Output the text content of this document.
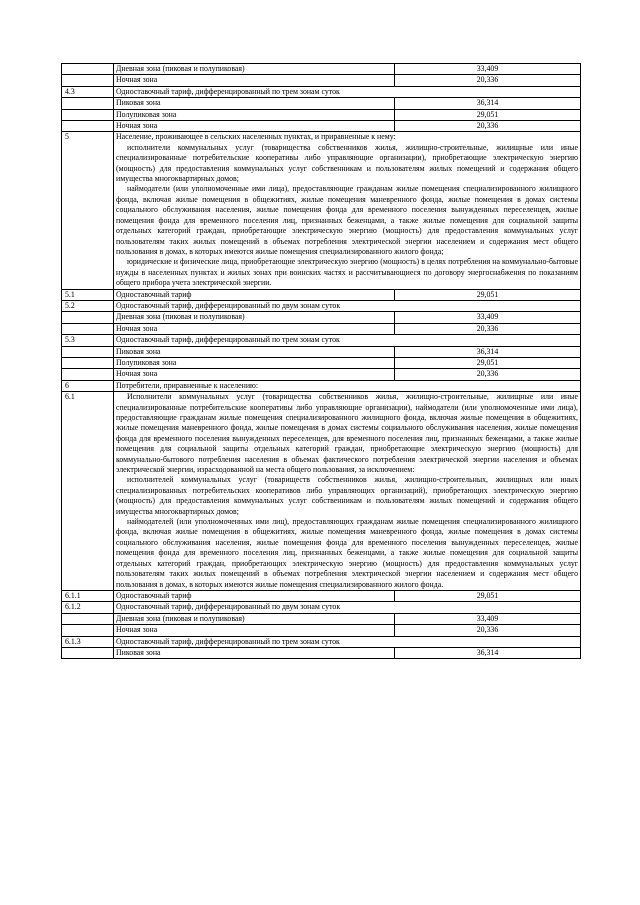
	Дневная зона (пиковая и полупиковая)	33,409
	Ночная зона	20,336
4.3	Одноставочный тариф, дифференцированный по трем зонам суток	
	Пиковая зона	36,314
	Полупиковая зона	29,051
	Ночная зона	20,336
5	Население, проживающее в сельских населенных пунктах, и приравненные к нему:
исполнители коммунальных услуг (товарищества собственников жилья, жилищно-строительные, жилищные или иные специализированные потребительские кооперативы либо управляющие организации), приобретающие электрическую энергию (мощность) для предоставления коммунальных услуг собственникам и пользователям жилых помещений и содержания общего имущества многоквартирных домов;
наймодатели (или уполномоченные ими лица), предоставляющие гражданам жилые помещения специализированного жилищного фонда, включая жилые помещения в общежитиях, жилые помещения маневренного фонда, жилые помещения в домах системы социального обслуживания населения, жилые помещения фонда для временного поселения вынужденных переселенцев, жилые помещения фонда для временного поселения лиц, признанных беженцами, а также жилые помещения для социальной защиты отдельных категорий граждан, приобретающие электрическую энергию (мощность) для предоставления коммунальных услуг пользователям таких жилых помещений в объемах потребления электрической энергии населением и содержания мест общего пользования в домах, в которых имеются жилые помещения специализированного жилого фонда;
юридические и физические лица, приобретающие электрическую энергию (мощность) в целях потребления на коммунально-бытовые нужды в населенных пунктах и жилых зонах при воинских частях и рассчитывающиеся по договору энергоснабжения по показаниям общего прибора учета электрической энергии.	

5.1	Одноставочный тариф	29,051
5.2	Одноставочный тариф, дифференцированный по двум зонам суток	
	Дневная зона (пиковая и полупиковая)	33,409
	Ночная зона	20,336
5.3	Одноставочный тариф, дифференцированный по трем зонам суток	
	Пиковая зона	36,314
	Полупиковая зона	29,051
	Ночная зона	20,336
6	Потребители, приравненные к населению:	
6.1	Исполнители коммунальных услуг (товарищества собственников жилья, жилищно-строительные, жилищные или иные специализированные потребительские кооперативы либо управляющие организации), наймодатели (или уполномоченные ими лица), предоставляющие гражданам жилые помещения специализированного жилищного фонда, включая жилые помещения в общежитиях, жилые помещения маневренного фонда, жилые помещения в домах системы социального обслуживания населения, жилые помещения фонда для временного поселения вынужденных переселенцев, для временного поселения лиц, признанных беженцами, а также жилые помещения для социальной защиты отдельных категорий граждан, приобретающие электрическую энергию (мощность) для коммунально-бытового потребления населения в объемах фактического потребления электрической энергии населения и объемах электрической энергии, израсходованной на места общего пользования, за исключением:
исполнителей коммунальных услуг (товариществ собственников жилья, жилищно-строительных, жилищных или иных специализированных потребительских кооперативов либо управляющих организаций), приобретающих электрическую энергию (мощность) для предоставления коммунальных услуг собственникам и пользователям жилых помещений и содержания общего имущества многоквартирных домов;
наймодателей (или уполномоченных ими лиц), предоставляющих гражданам жилые помещения специализированного жилищного фонда, включая жилые помещения в общежитиях, жилые помещения маневренного фонда, жилые помещения в домах системы социального обслуживания населения, жилые помещения фонда для временного поселения вынужденных переселенцев, жилые помещения фонда для временного поселения лиц, признанных беженцами, а также жилые помещения для социальной защиты отдельных категорий граждан, приобретающих электрическую энергию (мощность) для предоставления коммунальных услуг пользователям таких жилых помещений в объемах потребления электрической энергии населением и содержания мест общего пользования в домах, в которых имеются жилые помещения специализированного жилого фонда.	

6.1.1	Одноставочный тариф	29,051
6.1.2	Одноставочный тариф, дифференцированный по двум зонам суток	
	Дневная зона (пиковая и полупиковая)	33,409
	Ночная зона	20,336
6.1.3	Одноставочный тариф, дифференцированный по трем зонам суток	
	Пиковая зона	36,314
